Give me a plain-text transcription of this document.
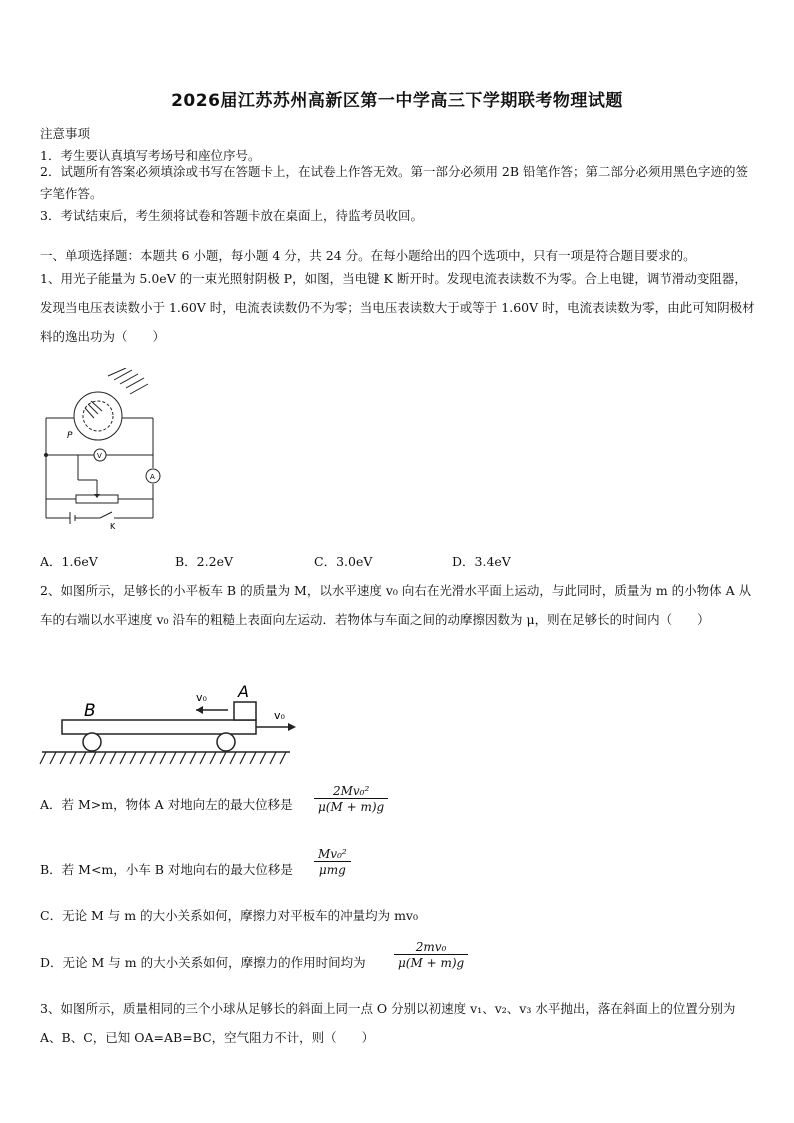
2026届江苏苏州高新区第一中学高三下学期联考物理试题
注意事项
1．考生要认真填写考场号和座位序号。
2．试题所有答案必须填涂或书写在答题卡上，在试卷上作答无效。第一部分必须用 2B 铅笔作答；第二部分必须用黑色字迹的签字笔作答。
3．考试结束后，考生须将试卷和答题卡放在桌面上，待监考员收回。
一、单项选择题：本题共 6 小题，每小题 4 分，共 24 分。在每小题给出的四个选项中，只有一项是符合题目要求的。
1、用光子能量为 5.0eV 的一束光照射阴极 P，如图，当电键 K 断开时。发现电流表读数不为零。合上电键，调节滑动变阻器，发现当电压表读数小于 1.60V 时，电流表读数仍不为零；当电压表读数大于或等于 1.60V 时，电流表读数为零，由此可知阴极材料的逸出功为（　　）
P
V
A
K
A．1.6eV	B．2.2eV	C．3.0eV	D．3.4eV
2、如图所示，足够长的小平板车 B 的质量为 M，以水平速度 v₀ 向右在光滑水平面上运动，与此同时，质量为 m 的小物体 A 从车的右端以水平速度 v₀ 沿车的粗糙上表面向左运动．若物体与车面之间的动摩擦因数为 μ，则在足够长的时间内（　　）
B
A
v₀
v₀
A．若 M>m，物体 A 对地向左的最大位移是 $\frac{\text{2Mv₀²}}{\mu(M + m)g}$
B．若 M<m，小车 B 对地向右的最大位移是
Mv₀²
μmg
C．无论 M 与 m 的大小关系如何，摩擦力对平板车的冲量均为 mv₀
D．无论 M 与 m 的大小关系如何，摩擦力的作用时间均为 $\frac{\text{2mv₀}}{\mu(M + m)g}$
3、如图所示，质量相同的三个小球从足够长的斜面上同一点 O 分别以初速度 v₁、v₂、v₃ 水平抛出，落在斜面上的位置分别为 A、B、C，已知 OA=AB=BC，空气阻力不计，则（　　）
